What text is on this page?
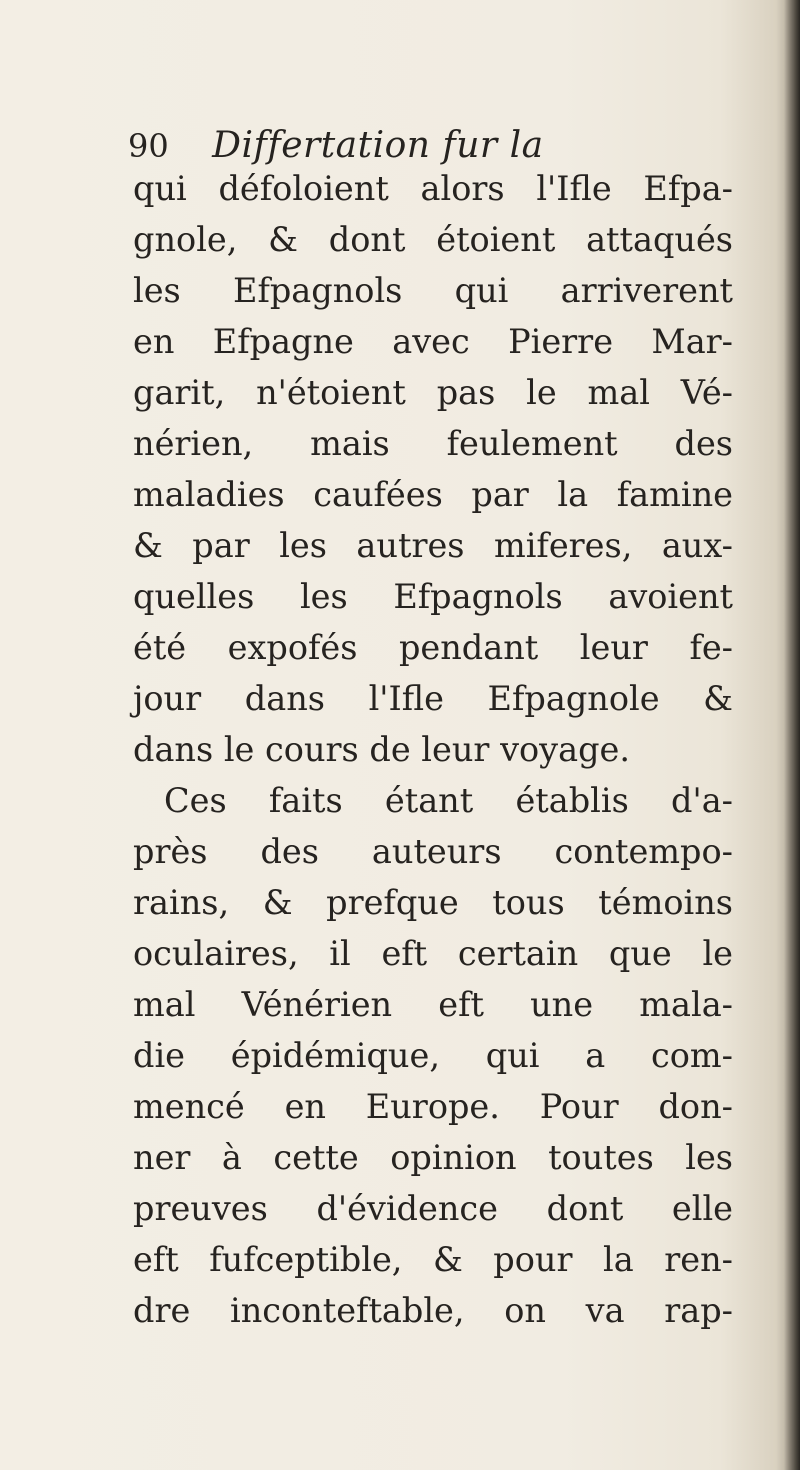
90 Differtation fur la
qui défoloient alors l'Ifle Efpa-
gnole, & dont étoient attaqués
les Efpagnols qui arriverent
en Efpagne avec Pierre Mar-
garit, n'étoient pas le mal Vé-
nérien, mais feulement des
maladies caufées par la famine
& par les autres miferes, aux-
quelles les Efpagnols avoient
été expofés pendant leur fe-
jour dans l'Ifle Efpagnole &
dans le cours de leur voyage.
Ces faits étant établis d'a-
près des auteurs contempo-
rains, & prefque tous témoins
oculaires, il eft certain que le
mal Vénérien eft une mala-
die épidémique, qui a com-
mencé en Europe. Pour don-
ner à cette opinion toutes les
preuves d'évidence dont elle
eft fufceptible, & pour la ren-
dre inconteftable, on va rap-
